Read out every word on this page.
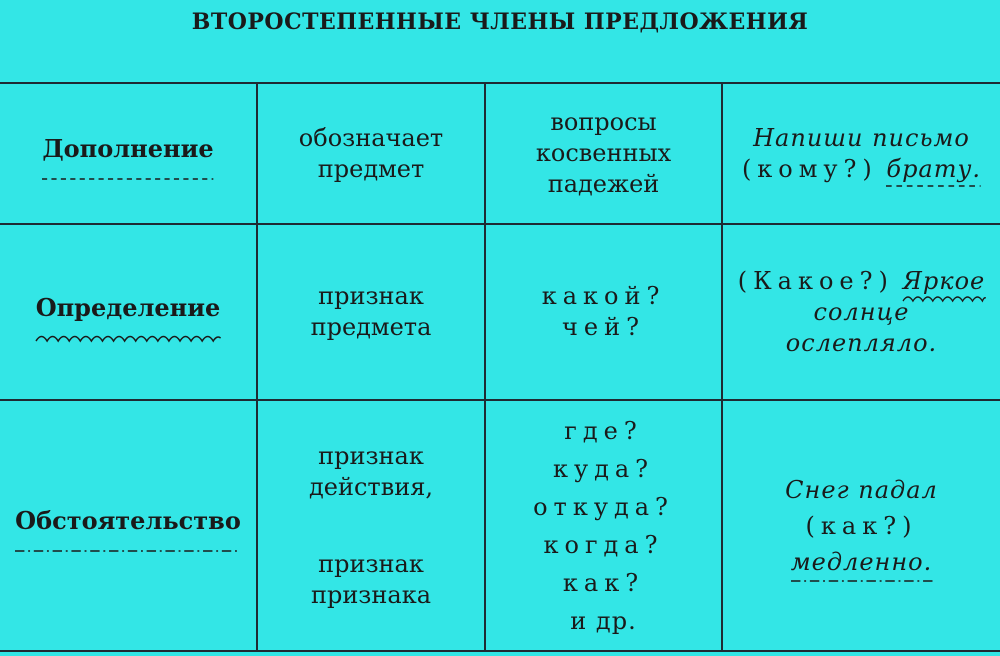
ВТОРОСТЕПЕННЫЕ ЧЛЕНЫ ПРЕДЛОЖЕНИЯ
Дополнение	обозначает
предмет
вопросы
косвенных
падежей
Напиши письмо
(кому?) брату.
Определение	признак
предмета
какой?
чей?
(Какое?) Яркое
солнце
ослепляло.
Обстоятельство
признак
действия,
признак
признака
где?
куда?
откуда?
когда?
как?
и др.
Снег падал
(как?)
медленно.
